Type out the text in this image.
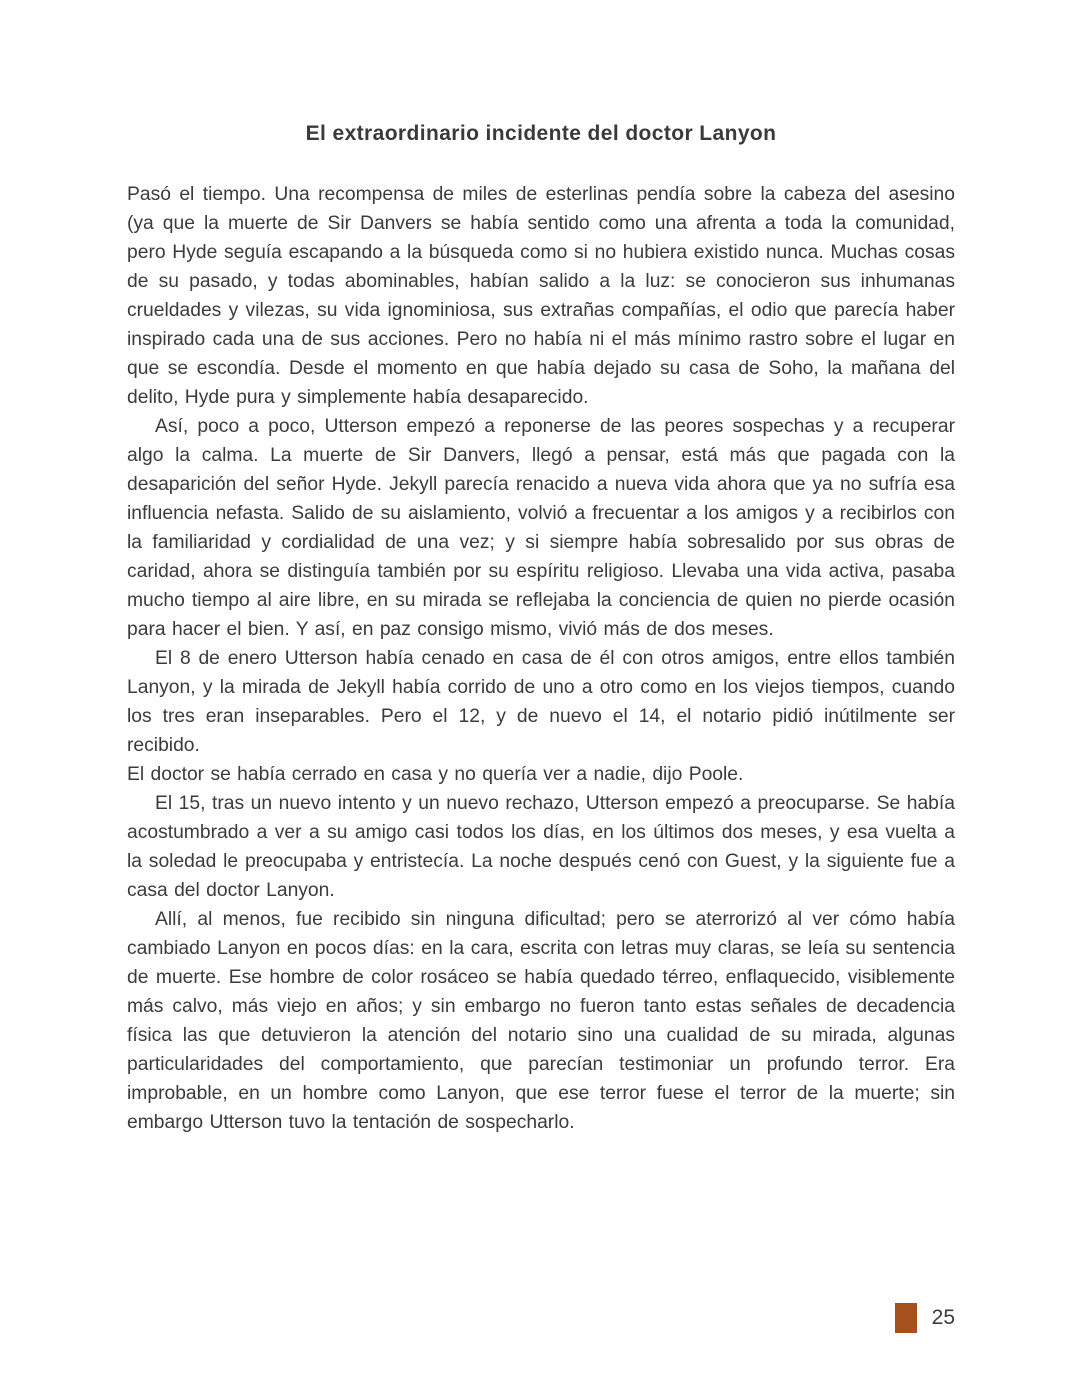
El extraordinario incidente del doctor Lanyon

Pasó el tiempo. Una recompensa de miles de esterlinas pendía sobre la cabeza del asesino (ya que la muerte de Sir Danvers se había sentido como una afrenta a toda la comunidad, pero Hyde seguía escapando a la búsqueda como si no hubiera existido nunca. Muchas cosas de su pasado, y todas abominables, habían salido a la luz: se conocieron sus inhumanas crueldades y vilezas, su vida ignominiosa, sus extrañas compañías, el odio que parecía haber inspirado cada una de sus acciones. Pero no había ni el más mínimo rastro sobre el lugar en que se escondía. Desde el momento en que había dejado su casa de Soho, la mañana del delito, Hyde pura y simplemente había desaparecido.

Así, poco a poco, Utterson empezó a reponerse de las peores sospechas y a recuperar algo la calma. La muerte de Sir Danvers, llegó a pensar, está más que pagada con la desaparición del señor Hyde. Jekyll parecía renacido a nueva vida ahora que ya no sufría esa influencia nefasta. Salido de su aislamiento, volvió a frecuentar a los amigos y a recibirlos con la familiaridad y cordialidad de una vez; y si siempre había sobresalido por sus obras de caridad, ahora se distinguía también por su espíritu religioso. Llevaba una vida activa, pasaba mucho tiempo al aire libre, en su mirada se reflejaba la conciencia de quien no pierde ocasión para hacer el bien. Y así, en paz consigo mismo, vivió más de dos meses.

El 8 de enero Utterson había cenado en casa de él con otros amigos, entre ellos también Lanyon, y la mirada de Jekyll había corrido de uno a otro como en los viejos tiempos, cuando los tres eran inseparables. Pero el 12, y de nuevo el 14, el notario pidió inútilmente ser recibido.

El doctor se había cerrado en casa y no quería ver a nadie, dijo Poole.

El 15, tras un nuevo intento y un nuevo rechazo, Utterson empezó a preocuparse. Se había acostumbrado a ver a su amigo casi todos los días, en los últimos dos meses, y esa vuelta a la soledad le preocupaba y entristecía. La noche después cenó con Guest, y la siguiente fue a casa del doctor Lanyon.

Allí, al menos, fue recibido sin ninguna dificultad; pero se aterrorizó al ver cómo había cambiado Lanyon en pocos días: en la cara, escrita con letras muy claras, se leía su sentencia de muerte. Ese hombre de color rosáceo se había quedado térreo, enflaquecido, visiblemente más calvo, más viejo en años; y sin embargo no fueron tanto estas señales de decadencia física las que detuvieron la atención del notario sino una cualidad de su mirada, algunas particularidades del comportamiento, que parecían testimoniar un profundo terror. Era improbable, en un hombre como Lanyon, que ese terror fuese el terror de la muerte; sin embargo Utterson tuvo la tentación de sospecharlo.

25
